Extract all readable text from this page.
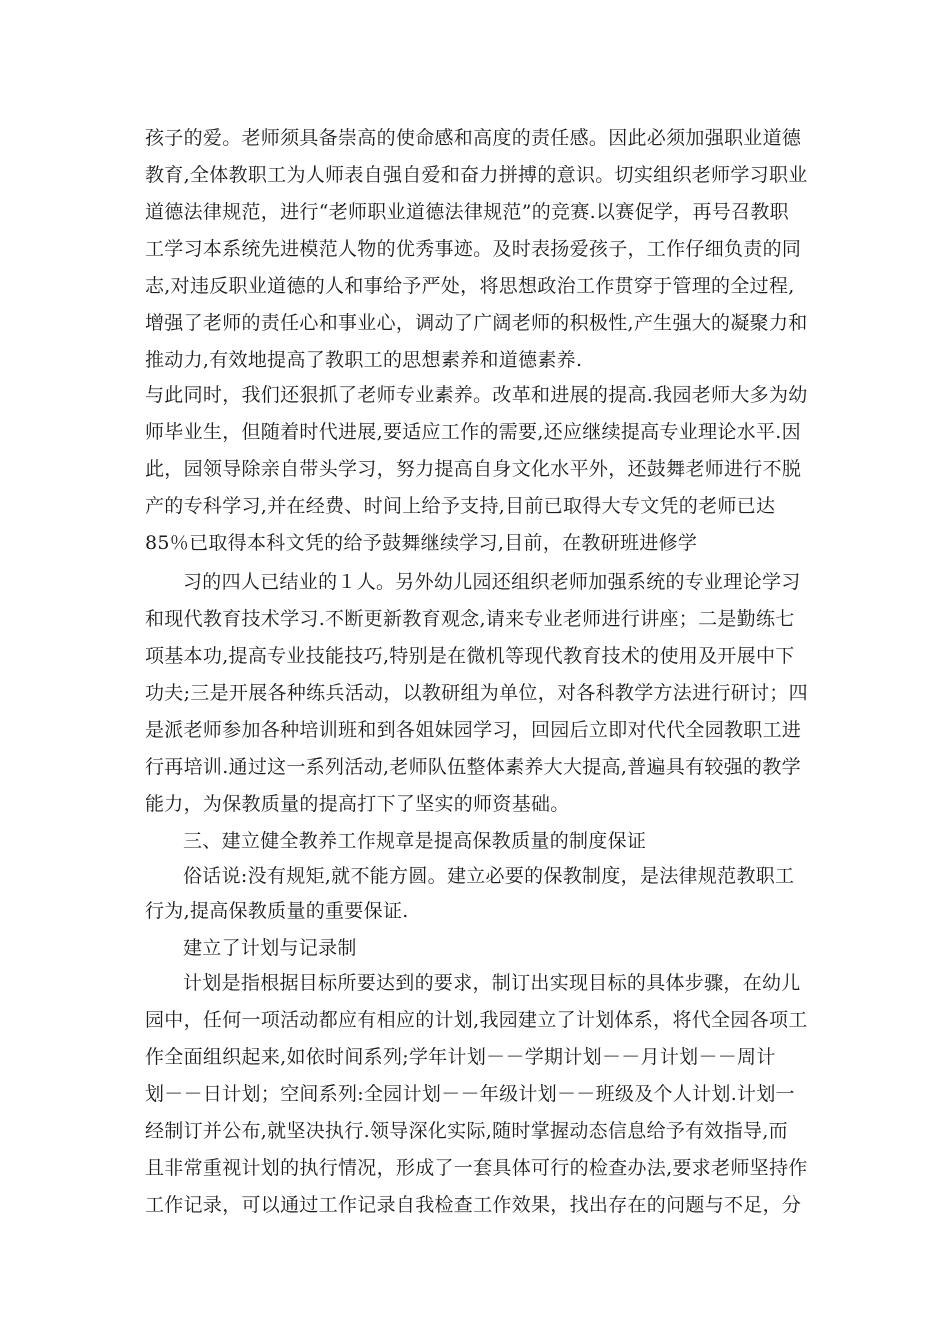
孩子的爱。老师须具备崇高的使命感和高度的责任感。因此必须加强职业道德
教育,全体教职工为人师表自强自爱和奋力拼搏的意识。切实组织老师学习职业
道德法律规范，进行“老师职业道德法律规范”的竞赛.以赛促学，再号召教职
工学习本系统先进模范人物的优秀事迹。及时表扬爱孩子，工作仔细负责的同
志,对违反职业道德的人和事给予严处，将思想政治工作贯穿于管理的全过程,
增强了老师的责任心和事业心，调动了广阔老师的积极性,产生强大的凝聚力和
推动力,有效地提高了教职工的思想素养和道德素养.
与此同时，我们还狠抓了老师专业素养。改革和进展的提高.我园老师大多为幼
师毕业生，但随着时代进展,要适应工作的需要,还应继续提高专业理论水平.因
此，园领导除亲自带头学习，努力提高自身文化水平外，还鼓舞老师进行不脱
产的专科学习,并在经费、时间上给予支持,目前已取得大专文凭的老师已达
85％已取得本科文凭的给予鼓舞继续学习,目前，在教研班进修学
习的四人已结业的１人。另外幼儿园还组织老师加强系统的专业理论学习
和现代教育技术学习.不断更新教育观念,请来专业老师进行讲座；二是勤练七
项基本功,提高专业技能技巧,特别是在微机等现代教育技术的使用及开展中下
功夫;三是开展各种练兵活动，以教研组为单位，对各科教学方法进行研讨；四
是派老师参加各种培训班和到各姐妹园学习，回园后立即对代代全园教职工进
行再培训.通过这一系列活动,老师队伍整体素养大大提高,普遍具有较强的教学
能力，为保教质量的提高打下了坚实的师资基础。
三、建立健全教养工作规章是提高保教质量的制度保证
俗话说:没有规矩,就不能方圆。建立必要的保教制度，是法律规范教职工
行为,提高保教质量的重要保证.
建立了计划与记录制
计划是指根据目标所要达到的要求，制订出实现目标的具体步骤，在幼儿
园中，任何一项活动都应有相应的计划,我园建立了计划体系，将代全园各项工
作全面组织起来,如依时间系列;学年计划－－学期计划－－月计划－－周计
划－－日计划；空间系列:全园计划－－年级计划－－班级及个人计划.计划一
经制订并公布,就坚决执行.领导深化实际,随时掌握动态信息给予有效指导,而
且非常重视计划的执行情况，形成了一套具体可行的检查办法,要求老师坚持作
工作记录，可以通过工作记录自我检查工作效果，找出存在的问题与不足，分
